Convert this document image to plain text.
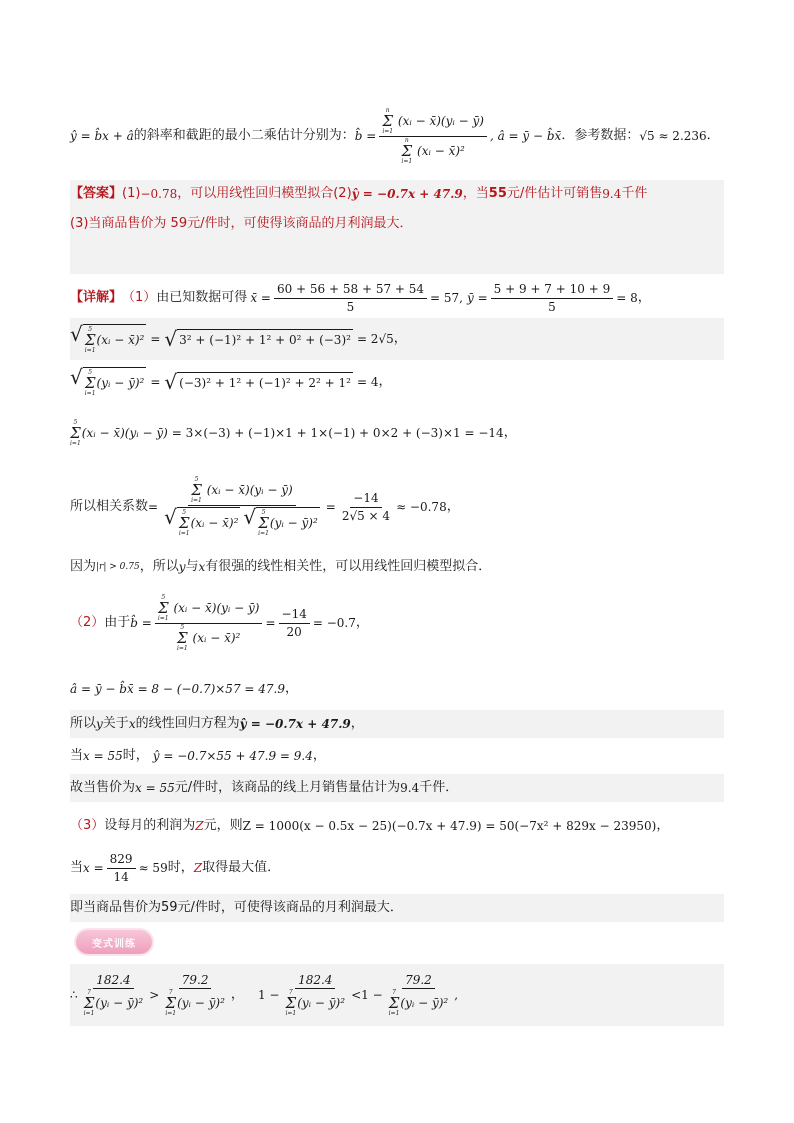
ŷ = b̂x + â 的斜率和截距的最小二乘估计分别为： b̂ = n
Σ
i=1
(xᵢ − x̄)(yᵢ − ȳ)
n
Σ
i=1
(xᵢ − x̄)² , â = ȳ − b̂x̄ ．参考数据： √5 ≈ 2.236 ．
【答案】 (1) −0.78 ，可以用线性回归模型拟合 (2) ŷ = −0.7x + 47.9 ，当 55 元/件估计可销售 9.4 千件
(3)当商品售价为 59元/件时，可使得该商品的月利润最大．
【详解】 （1） 由已知数据可得 x̄ = $\frac{60 + 56 + 58 + 57 + 54}{5} = 57$, ȳ = $\frac{5 + 9 + 7 + 10 + 9}{5} = 8$ ，
√ 5
Σ
i=1
(xᵢ − x̄)² = √ 3² + (−1)² + 1² + 0² + (−3)² = 2√5 ，
√ 5
Σ
i=1
(yᵢ − ȳ)² = √ (−3)² + 1² + (−1)² + 2² + 1² = 4 ，
5
Σ
i=1
(xᵢ − x̄)(yᵢ − ȳ) = 3×(−3) + (−1)×1 + 1×(−1) + 0×2 + (−3)×1 = −14 ，
所以相关系数 = 5
Σ
i=1
(xᵢ − x̄)(yᵢ − ȳ)
√ 5
Σ
i=1
(xᵢ − x̄)² √ 5
Σ
i=1
(yᵢ − ȳ)² = $\frac{-14}{2√5 \times 4} \approx -0.78$ ，
因为 |r| > 0.75 ，所以 y 与 x 有很强的线性相关性，可以用线性回归模型拟合．
（2） 由于 b̂ = 5
Σ
i=1
(xᵢ − x̄)(yᵢ − ȳ)
5
Σ
i=1
(xᵢ − x̄)² = $\frac{-14}{20} = -0.7$ ，
â = ȳ − b̂x̄ = 8 − (−0.7)×57 = 47.9 ，
所以 y 关于 x 的线性回归方程为 ŷ = −0.7x + 47.9 ，
当 x = 55 时， ŷ = −0.7×55 + 47.9 = 9.4 ，
故当售价为 x = 55 元/件时，该商品的线上月销售量估计为 9.4 千件．
（3） 设每月的利润为 Z 元，则 Z = 1000(x − 0.5x − 25)(−0.7x + 47.9) = 50(−7x² + 829x − 23950) ，
当 $x = \frac{829}{14} \approx 59$ 时， Z 取得最大值．
即当商品售价为59元/件时，可使得该商品的月利润最大．
变式训练
∴ 182.4
7
Σ
i=1
(yᵢ − ȳ)² > 79.2
7
Σ
i=1
(yᵢ − ȳ)² ， 1 − 182.4
7
Σ
i=1
(yᵢ − ȳ)² < 1 − 79.2
7
Σ
i=1
(yᵢ − ȳ)² ,
